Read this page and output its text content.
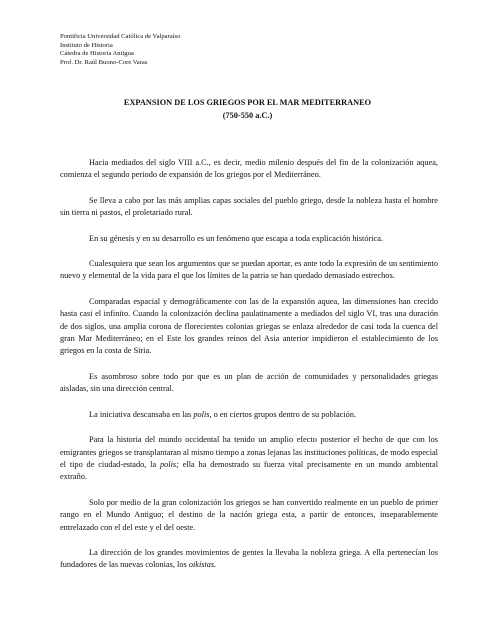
Pontificia Universidad Católica de Valparaíso
Instituto de Historia
Cátedra de Historia Antigua
Prof. Dr. Raúl Buono-Core Varas
EXPANSION DE LOS GRIEGOS POR EL MAR MEDITERRANEO
(750-550 a.C.)

Hacia mediados del siglo VIII a.C., es decir, medio milenio después del fin de la colonización aquea, comienza el segundo periodo de expansión de los griegos por el Mediterráneo.

Se lleva a cabo por las más amplias capas sociales del pueblo griego, desde la nobleza hasta el hombre sin tierra ni pastos, el proletariado rural.

En su génesis y en su desarrollo es un fenómeno que escapa a toda explicación histórica.

Cualesquiera que sean los argumentos que se puedan aportar, es ante todo la expresión de un sentimiento nuevo y elemental de la vida para el que los límites de la patria se han quedado demasiado estrechos.

Comparadas espacial y demográficamente con las de la expansión aquea, las dimensiones han crecido hasta casi el infinito. Cuando la colonización declina paulatinamente a mediados del siglo VI, tras una duración de dos siglos, una amplia corona de florecientes colonias griegas se enlaza alrededor de casi toda la cuenca del gran Mar Mediterráneo; en el Este los grandes reinos del Asia anterior impidieron el establecimiento de los griegos en la costa de Siria.

Es asombroso sobre todo por que es un plan de acción de comunidades y personalidades griegas aisladas, sin una dirección central.

La iniciativa descansaba en las polis, o en ciertos grupos dentro de su población.

Para la historia del mundo occidental ha tenido un amplio efecto posterior el hecho de que con los emigrantes griegos se transplantaran al mismo tiempo a zonas lejanas las instituciones políticas, de modo especial el tipo de ciudad-estado, la polis; ella ha demostrado su fuerza vital precisamente en un mundo ambiental extraño.

Solo por medio de la gran colonización los griegos se han convertido realmente en un pueblo de primer rango en el Mundo Antiguo; el destino de la nación griega esta, a partir de entonces, inseparablemente entrelazado con el del este y el del oeste.

La dirección de los grandes movimientos de gentes la llevaba la nobleza griega. A ella pertenecían los fundadores de las nuevas colonias, los oikistas.
